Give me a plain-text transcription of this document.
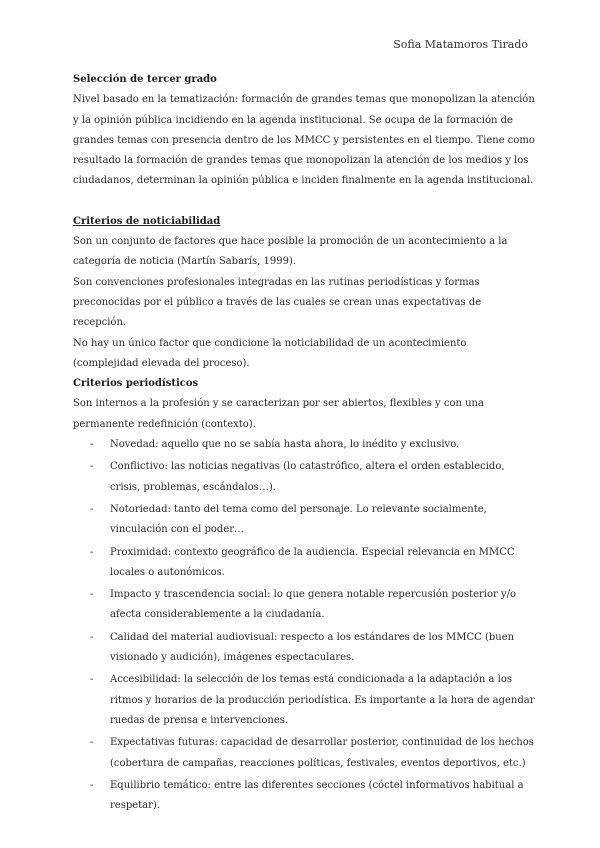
Sofia Matamoros Tirado

Selección de tercer grado

Nivel basado en la tematización: formación de grandes temas que monopolizan la atención y la opinión pública incidiendo en la agenda institucional. Se ocupa de la formación de grandes temas con presencia dentro de los MMCC y persistentes en el tiempo. Tiene como resultado la formación de grandes temas que monopolizan la atención de los medios y los ciudadanos, determinan la opinión pública e inciden finalmente en la agenda institucional.

Criterios de noticiabilidad

Son un conjunto de factores que hace posible la promoción de un acontecimiento a la categoría de noticia (Martín Sabarís, 1999).

Son convenciones profesionales integradas en las rutinas periodísticas y formas preconocidas por el público a través de las cuales se crean unas expectativas de recepción.

No hay un único factor que condicione la noticiabilidad de un acontecimiento (complejidad elevada del proceso).

Criterios periodísticos

Son internos a la profesión y se caracterizan por ser abiertos, flexibles y con una permanente redefinición (contexto).

- Novedad: aquello que no se sabía hasta ahora, lo inédito y exclusivo.
- Conflictivo: las noticias negativas (lo catastrófico, altera el orden establecido, crisis, problemas, escándalos…).
- Notoriedad: tanto del tema como del personaje. Lo relevante socialmente, vinculación con el poder…
- Proximidad: contexto geográfico de la audiencia. Especial relevancia en MMCC locales o autonómicos.
- Impacto y trascendencia social: lo que genera notable repercusión posterior y/o afecta considerablemente a la ciudadanía.
- Calidad del material audiovisual: respecto a los estándares de los MMCC (buen visionado y audición), imágenes espectaculares.
- Accesibilidad: la selección de los temas está condicionada a la adaptación a los ritmos y horarios de la producción periodística. Es importante a la hora de agendar ruedas de prensa e intervenciones.
- Expectativas futuras: capacidad de desarrollar posterior, continuidad de los hechos (cobertura de campañas, reacciones políticas, festivales, eventos deportivos, etc.)
- Equilibrio temático: entre las diferentes secciones (cóctel informativos habitual a respetar).
